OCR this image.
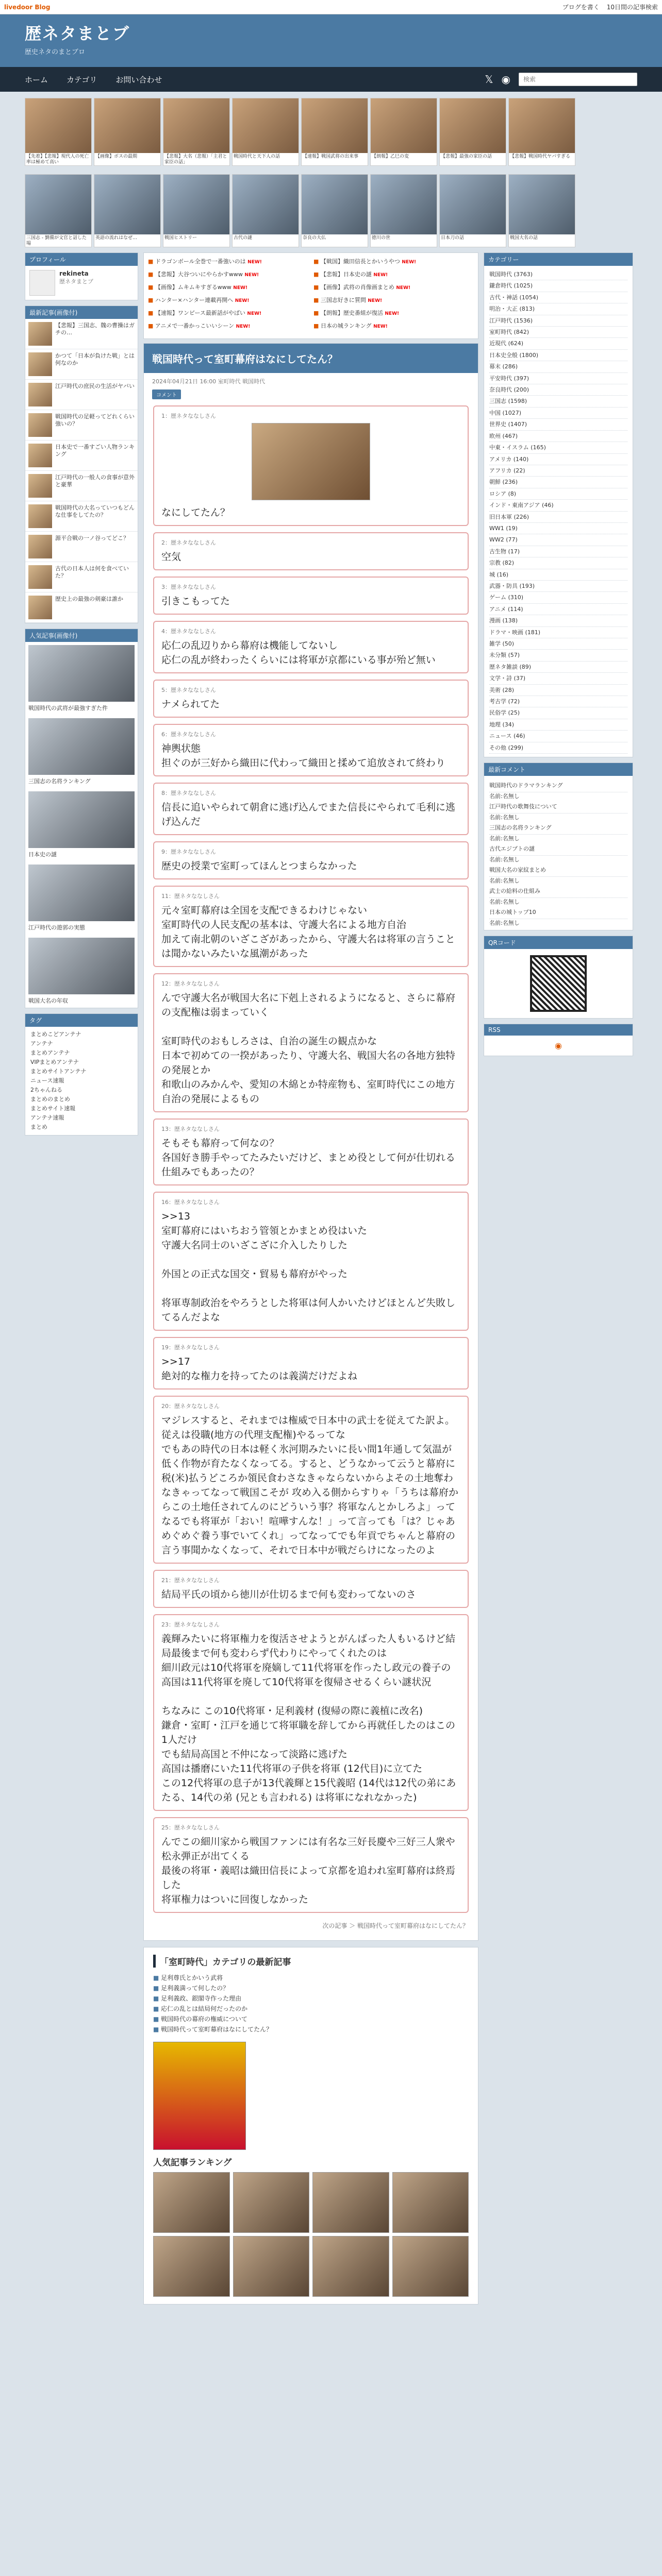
livedoor Blog	ブログを書く 10日間の記事検索
歴ネタまとブ

歴史ネタのまとブロ

ホーム カテゴリ お問い合わせ	𝕏 ◉
検索
【先着】【悲報】現代人の死亡率は極めて高い
【画像】ボスの最期	【悲報】大名（悲報）「主君と家臣の話」
戦国時代と天下人の話	【速報】戦国武将の出来事	【朗報】乙巳の変	【悲報】最強の家臣の話	【悲報】戦国時代ヤバすぎる
三国志 - 劉備が文官と話した場
英語の流れはなぜ…	戦国ヒストリー	古代の謎	奈良の大仏	徳川の世	日本刀の話	戦国大名の話
プロフィール
rekineta
歴ネタまとブ
最新記事(画像付)
【悲報】三国志、魏の曹操はガチの…
かつて「日本が負けた戦」とは何なのか
江戸時代の庶民の生活がヤバい
戦国時代の足軽ってどれくらい強いの？
日本史で一番すごい人物ランキング
江戸時代の一般人の食事が意外と豪華
戦国時代の大名っていつもどんな仕事をしてたの？
源平合戦の一ノ谷ってどこ？
古代の日本人は何を食べていた？
歴史上の最強の剣豪は誰か
人気記事(画像付)
戦国時代の武将が最強すぎた件
三国志の名将ランキング
日本史の謎
江戸時代の遊郭の実態
戦国大名の年収
タグ
まとめこどアンテナ
アンテナ
まとめアンテナ
VIPまとめアンテナ
まとめサイトアンテナ
ニュース速報
2ちゃんねる
まとめのまとめ
まとめサイト速報
アンテナ速報
まとめ
■ ドラゴンボール全巻で一番強いのは NEW!
■ 【悲報】大谷ついにやらかすwww NEW!
■ 【画像】ムキムキすぎるwww NEW!
■ ハンター×ハンター連載再開へ NEW!
■ 【速報】ワンピース最新話がやばい NEW!
■ アニメで一番かっこいいシーン NEW!
■ 【戦国】織田信長とかいうやつ NEW!
■ 【悲報】日本史の謎 NEW!
■ 【画像】武将の肖像画まとめ NEW!
■ 三国志好きに質問 NEW!
■ 【朗報】歴史番組が復活 NEW!
■ 日本の城ランキング NEW!
戦国時代って室町幕府はなにしてたん？
2024年04月21日 16:00 室町時代 戦国時代
コメント
1：歴ネタななしさん
なにしてたん？
2：歴ネタななしさん
空気
3：歴ネタななしさん
引きこもってた
4：歴ネタななしさん
応仁の乱辺りから幕府は機能してないし
応仁の乱が終わったくらいには将軍が京都にいる事が殆ど無い
5：歴ネタななしさん
ナメられてた
6：歴ネタななしさん
神輿状態
担ぐのが三好から織田に代わって織田と揉めて追放されて終わり
8：歴ネタななしさん
信長に追いやられて朝倉に逃げ込んでまた信長にやられて毛利に逃げ込んだ
9：歴ネタななしさん
歴史の授業で室町ってほんとつまらなかった
11：歴ネタななしさん
元々室町幕府は全国を支配できるわけじゃない
室町時代の人民支配の基本は、守護大名による地方自治
加えて南北朝のいざこざがあったから、守護大名は将軍の言うことは聞かないみたいな風潮があった
12：歴ネタななしさん
んで守護大名が戦国大名に下剋上されるようになると、さらに幕府の支配権は弱まっていく

室町時代のおもしろさは、自治の誕生の観点かな
日本で初めての一揆があったり、守護大名、戦国大名の各地方独特の発展とか
和歌山のみかんや、愛知の木綿とか特産物も、室町時代にこの地方自治の発展によるもの
13：歴ネタななしさん
そもそも幕府って何なの？
各国好き勝手やってたみたいだけど、まとめ役として何が仕切れる仕組みでもあったの？
16：歴ネタななしさん
>>13
室町幕府にはいちおう管領とかまとめ役はいた
守護大名同士のいざこざに介入したりした

外国との正式な国交・貿易も幕府がやった

将軍専制政治をやろうとした将軍は何人かいたけどほとんど失敗してるんだよな
19：歴ネタななしさん
>>17
絶対的な権力を持ってたのは義満だけだよね
20：歴ネタななしさん
マジレスすると、それまでは権威で日本中の武士を従えてた訳よ。 従えは役職(地方の代理支配権)やるってな
でもあの時代の日本は軽く氷河期みたいに長い間1年通して気温が低く作物が育たなくなってる。すると、どうなかって云うと幕府に税(米)払うどころか領民食わさなきゃならないからよその土地奪わなきゃってなって戦国こそが 攻め入る側からすりゃ「うちは幕府からこの土地任されてんのにどういう事？将軍なんとかしろよ」ってなるでも将軍が「おい！喧嘩すんな！」って言っても「は？じゃあめぐめぐ養う事でいてくれ」ってなってでも年貢でちゃんと幕府の言う事聞かなくなって、それで日本中が戦だらけになったのよ
21：歴ネタななしさん
結局平氏の頃から徳川が仕切るまで何も変わってないのさ
23：歴ネタななしさん
義輝みたいに将軍権力を復活させようとがんばった人もいるけど結局最後まで何も変わらず代わりにやってくれたのは
細川政元は10代将軍を廃嫡して11代将軍を作ったし政元の養子の高国は11代将軍を廃して10代将軍を復帰させるくらい謎状況

ちなみに この10代将軍・足利義材 (復帰の際に義植に改名)
鎌倉・室町・江戸を通じて将軍職を辞してから再就任したのはこの1人だけ
でも結局高国と不仲になって淡路に逃げた
高国は播磨にいた11代将軍の子供を将軍 (12代目)に立てた
この12代将軍の息子が13代義輝と15代義昭 (14代は12代の弟にあたる、14代の弟 (兄とも言われる) は将軍になれなかった)
25：歴ネタななしさん
んでこの細川家から戦国ファンには有名な三好長慶や三好三人衆や松永弾正が出てくる
最後の将軍・義昭は織田信長によって京都を追われ室町幕府は終焉した
将軍権力はついに回復しなかった
次の記事 ＞ 戦国時代って室町幕府はなにしてたん？
「室町時代」カテゴリの最新記事
■ 足利尊氏とかいう武将
■ 足利義満って何したの？
■ 足利義政、銀閣寺作った理由
■ 応仁の乱とは結局何だったのか
■ 戦国時代の幕府の権威について
■ 戦国時代って室町幕府はなにしてたん？
人気記事ランキング
カテゴリー
戦国時代 (3763)
鎌倉時代 (1025)
古代・神話 (1054)
明治・大正 (813)
江戸時代 (1536)
室町時代 (842)
近現代 (624)
日本史全般 (1800)
幕末 (286)
平安時代 (397)
奈良時代 (200)
三国志 (1598)
中国 (1027)
世界史 (1407)
欧州 (467)
中東・イスラム (165)
アメリカ (140)
アフリカ (22)
朝鮮 (236)
ロシア (8)
インド・東南アジア (46)
旧日本軍 (226)
WW1 (19)
WW2 (77)
古生物 (17)
宗教 (82)
城 (16)
武器・防具 (193)
ゲーム (310)
アニメ (114)
漫画 (138)
ドラマ・映画 (181)
雑学 (50)
未分類 (57)
歴ネタ雑談 (89)
文学・詩 (37)
美術 (28)
考古学 (72)
民俗学 (25)
地理 (34)
ニュース (46)
その他 (299)
最新コメント
戦国時代のドラマランキング
名前:名無し
江戸時代の歌舞伎について
名前:名無し
三国志の名将ランキング
名前:名無し
古代エジプトの謎
名前:名無し
戦国大名の家紋まとめ
名前:名無し
武士の給料の仕組み
名前:名無し
日本の城トップ10
名前:名無し
QRコード
RSS
◉
